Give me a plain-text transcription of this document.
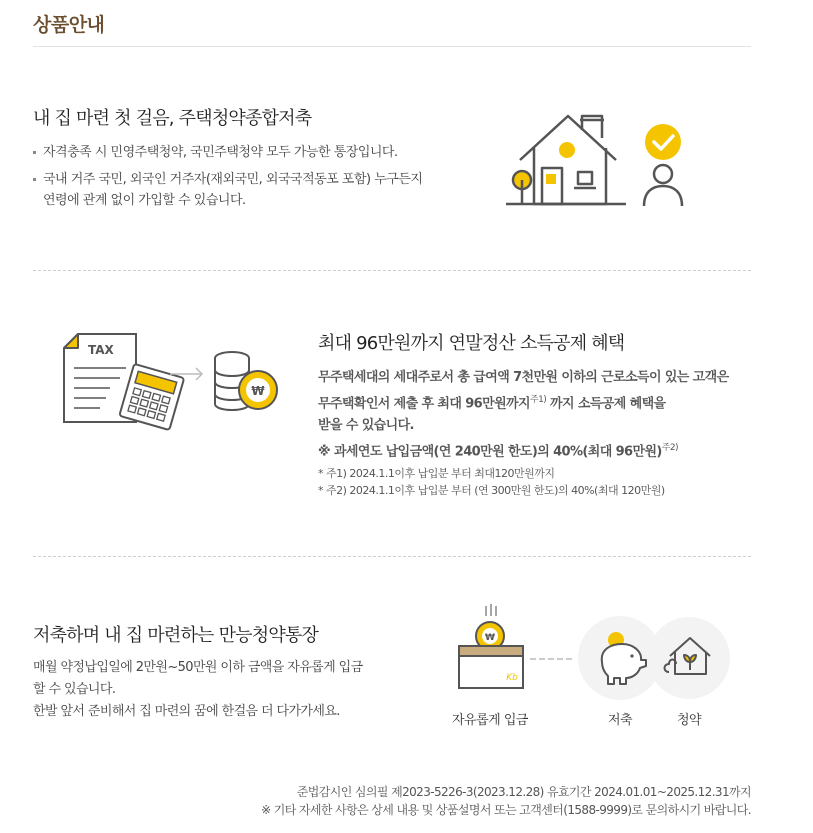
상품안내
내 집 마련 첫 걸음, 주택청약종합저축
자격충족 시 민영주택청약, 국민주택청약 모두 가능한 통장입니다.
국내 거주 국민, 외국인 거주자(재외국민, 외국국적동포 포함) 누구든지
연령에 관계 없이 가입할 수 있습니다.
TAX
₩
최대 96만원까지 연말정산 소득공제 혜택
무주택세대의 세대주로서 총 급여액 7천만원 이하의 근로소득이 있는 고객은
무주택확인서 제출 후 최대 96만원까지$^{주1)}$ 까지 소득공제 혜택을
받을 수 있습니다.
※ 과세연도 납입금액(연 240만원 한도)의 40%(최대 96만원)$^{주2)}$
* 주1) 2024.1.1이후 납입분 부터 최대120만원까지
* 주2) 2024.1.1이후 납입분 부터 (연 300만원 한도)의 40%(최대 120만원)
저축하며 내 집 마련하는 만능청약통장
매월 약정납입일에 2만원~50만원 이하 금액을 자유롭게 입금
할 수 있습니다.
한발 앞서 준비해서 집 마련의 꿈에 한걸음 더 다가가세요.
₩
Kb
자유롭게 입금	저축	청약
준법감시인 심의필 제2023-5226-3(2023.12.28) 유효기간 2024.01.01~2025.12.31까지
※ 기타 자세한 사항은 상세 내용 및 상품설명서 또는 고객센터(1588-9999)로 문의하시기 바랍니다.
